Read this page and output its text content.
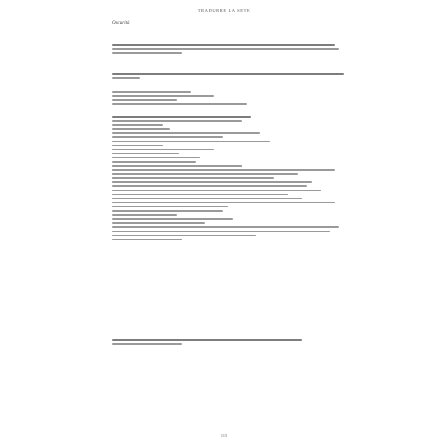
TRADURRE LA SETE
Oscurità
115
